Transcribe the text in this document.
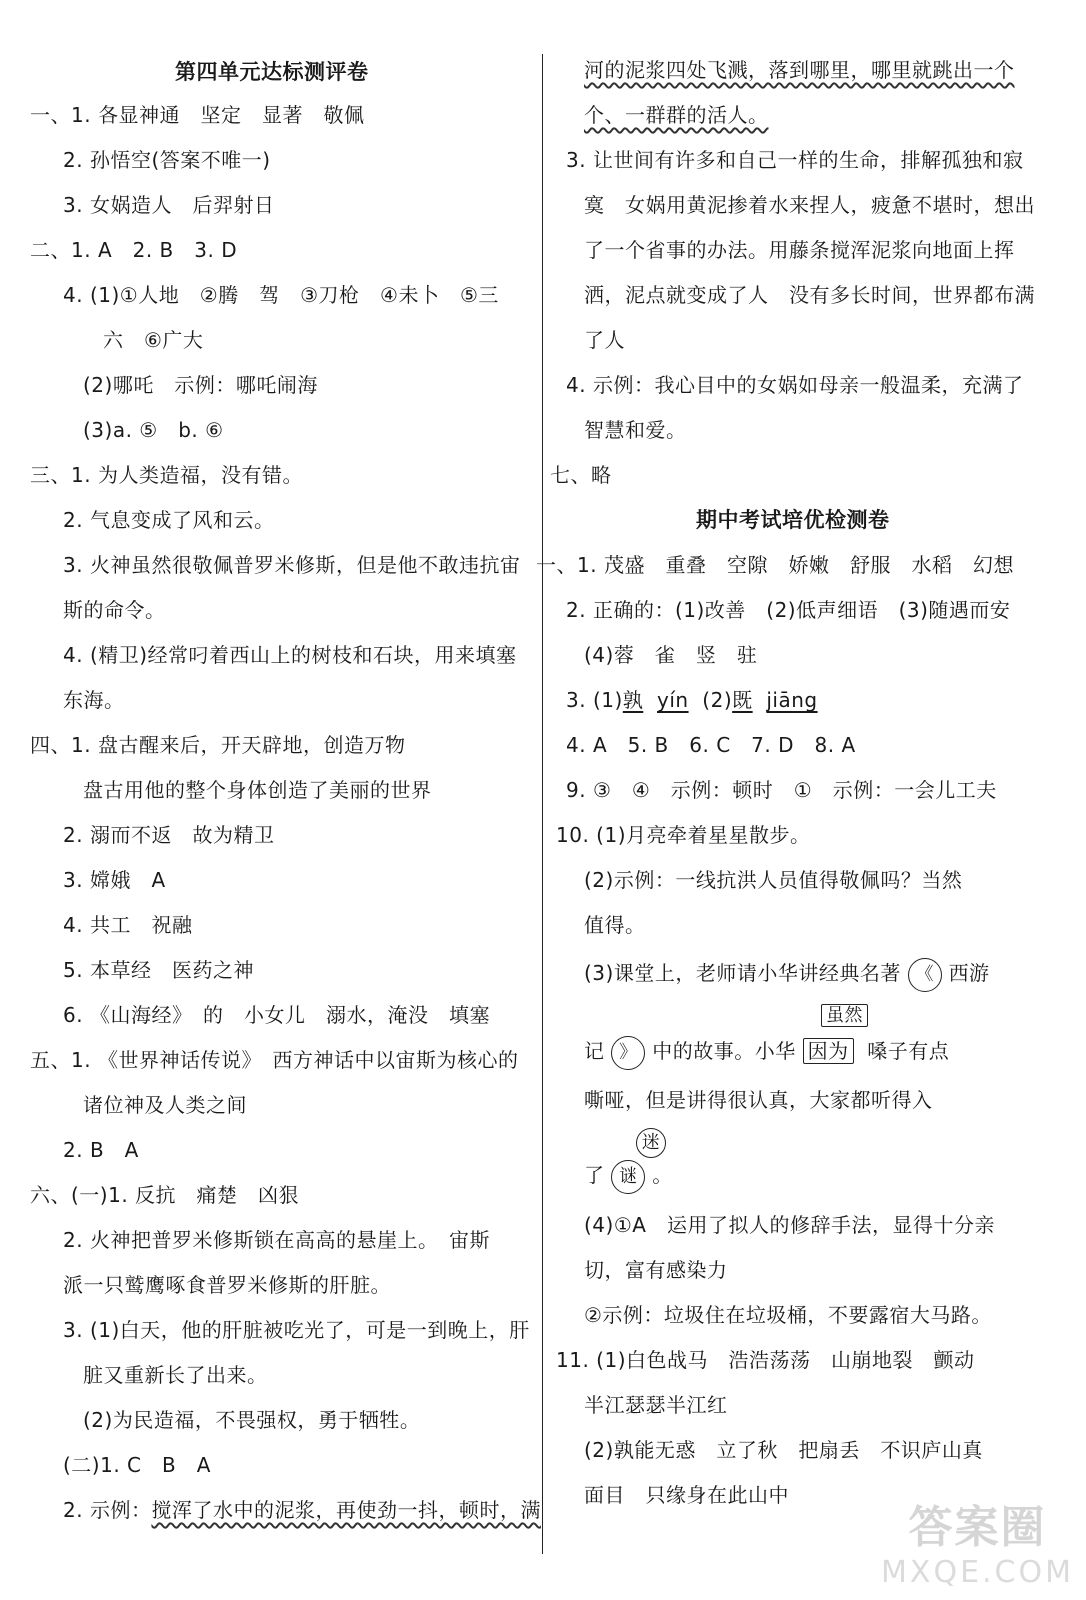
第四单元达标测评卷
一、1. 各显神通　坚定　显著　敬佩
2. 孙悟空(答案不唯一)
3. 女娲造人　后羿射日
二、1. A　2. B　3. D
4. (1)①人地　②腾　驾　③刀枪　④未卜　⑤三
六　⑥广大
(2)哪吒　示例：哪吒闹海
(3)a. ⑤　b. ⑥
三、1. 为人类造福，没有错。
2. 气息变成了风和云。
3. 火神虽然很敬佩普罗米修斯，但是他不敢违抗宙
斯的命令。
4. (精卫)经常叼着西山上的树枝和石块，用来填塞
东海。
四、1. 盘古醒来后，开天辟地，创造万物
盘古用他的整个身体创造了美丽的世界
2. 溺而不返　故为精卫
3. 嫦娥　A
4. 共工　祝融
5. 本草经　医药之神
6. 《山海经》　的　小女儿　溺水，淹没　填塞
五、1. 《世界神话传说》　西方神话中以宙斯为核心的
诸位神及人类之间
2. B　A
六、(一)1. 反抗　痛楚　凶狠
2. 火神把普罗米修斯锁在高高的悬崖上。　宙斯
派一只鹫鹰啄食普罗米修斯的肝脏。
3. (1)白天，他的肝脏被吃光了，可是一到晚上，肝
脏又重新长了出来。
(2)为民造福，不畏强权，勇于牺牲。
(二)1. C　B　A
2. 示例：搅浑了水中的泥浆，再使劲一抖，顿时，满
河的泥浆四处飞溅，落到哪里，哪里就跳出一个
个、一群群的活人。
3. 让世间有许多和自己一样的生命，排解孤独和寂
寞　女娲用黄泥掺着水来捏人，疲惫不堪时，想出
了一个省事的办法。用藤条搅浑泥浆向地面上挥
洒，泥点就变成了人　没有多长时间，世界都布满
了人
4. 示例：我心目中的女娲如母亲一般温柔，充满了
智慧和爱。
七、略
期中考试培优检测卷
一、1. 茂盛　重叠　空隙　娇嫩　舒服　水稻　幻想
2. 正确的：(1)改善　(2)低声细语　(3)随遇而安
(4)蓉　雀　竖　驻
3. (1)孰 yín (2)既 jiāng
4. A　5. B　6. C　7. D　8. A
9. ③　④　示例：顿时　①　示例：一会儿工夫
10. (1)月亮牵着星星散步。
(2)示例：一线抗洪人员值得敬佩吗？当然
值得。
(3)课堂上，老师请小华讲经典名著 《 西游
虽然
记 》 中的故事。小华 因为 嗓子有点
嘶哑，但是讲得很认真，大家都听得入
迷
了 谜 。
(4)①A　运用了拟人的修辞手法，显得十分亲
切，富有感染力
②示例：垃圾住在垃圾桶，不要露宿大马路。
11. (1)白色战马　浩浩荡荡　山崩地裂　颤动
半江瑟瑟半江红
(2)孰能无惑　立了秋　把扇丢　不识庐山真
面目　只缘身在此山中
答案圈
MXQE.COM
